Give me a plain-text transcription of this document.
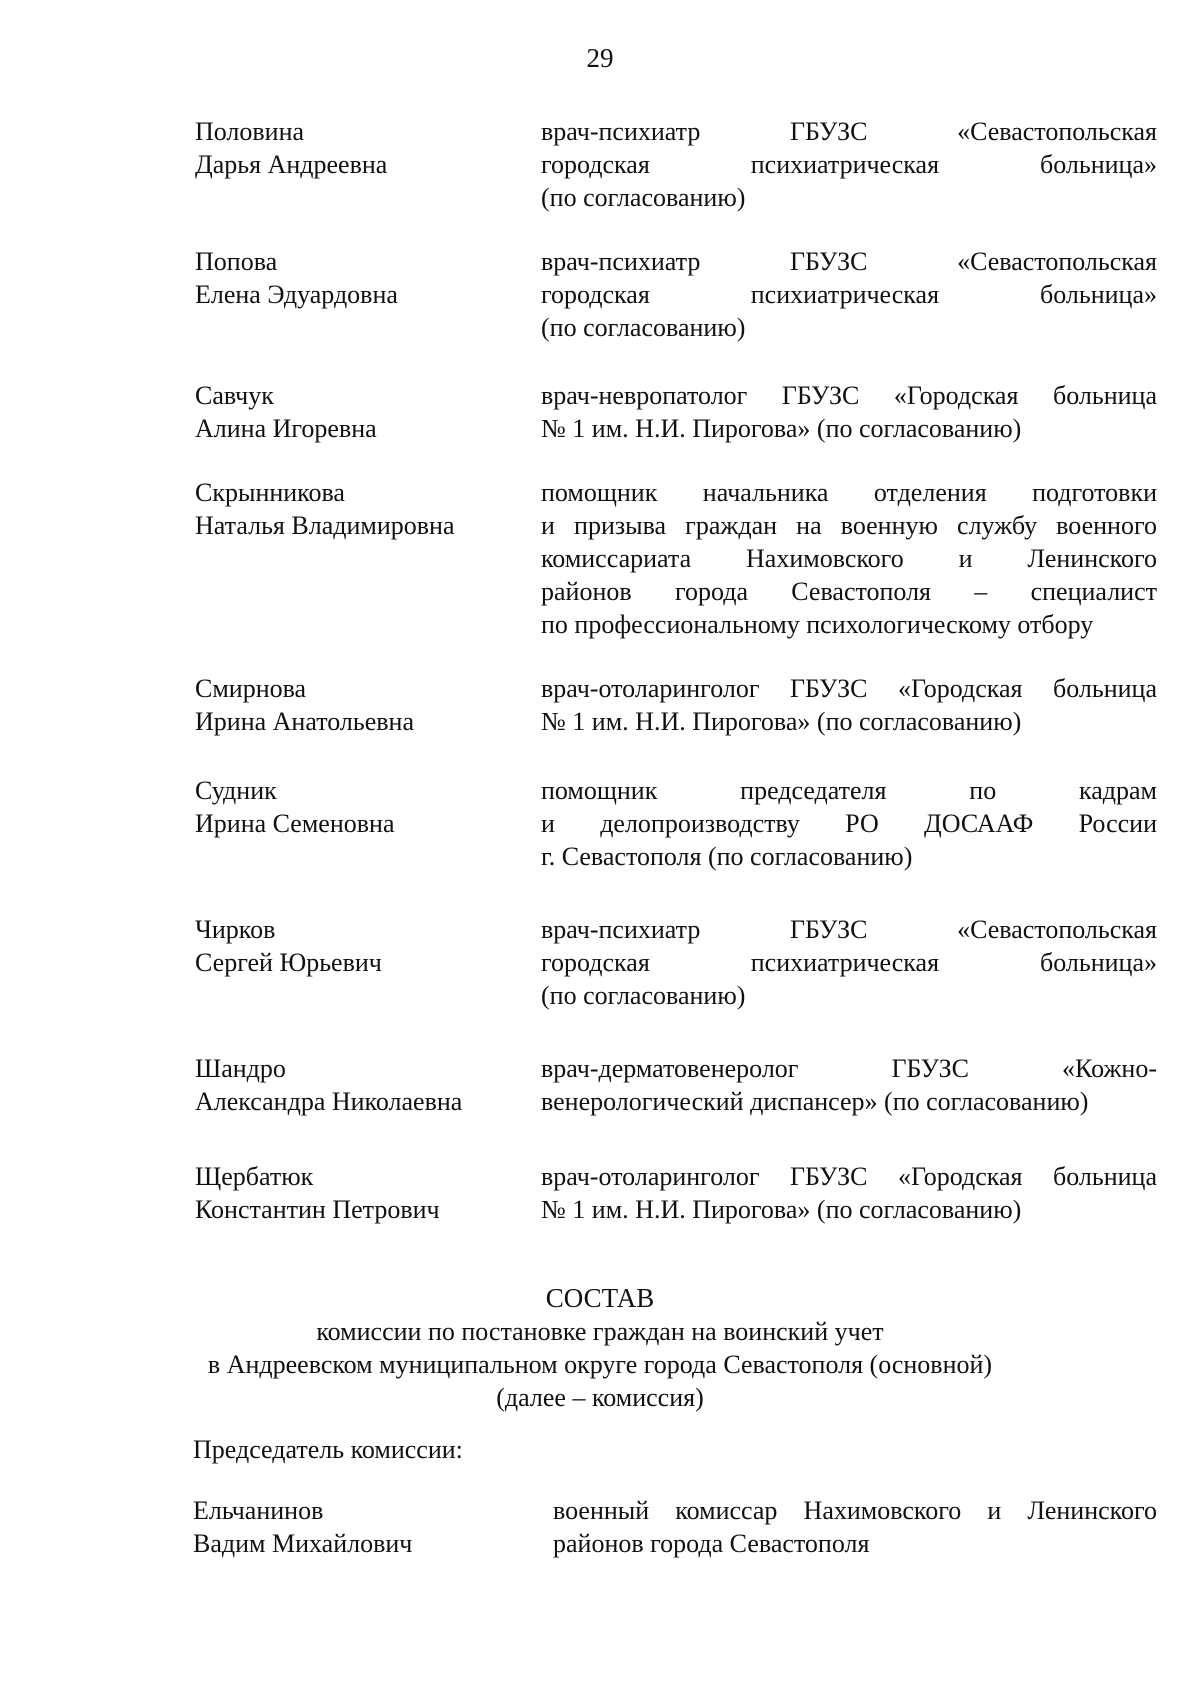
29
Половина
Дарья Андреевна
врач-психиатр ГБУЗС «Севастопольская
городская психиатрическая больница»
(по согласованию)
Попова
Елена Эдуардовна
врач-психиатр ГБУЗС «Севастопольская
городская психиатрическая больница»
(по согласованию)
Савчук
Алина Игоревна
врач-невропатолог ГБУЗС «Городская больница
№ 1 им. Н.И. Пирогова» (по согласованию)
Скрынникова
Наталья Владимировна
помощник начальника отделения подготовки
и призыва граждан на военную службу военного
комиссариата Нахимовского и Ленинского
районов города Севастополя – специалист
по профессиональному психологическому отбору
Смирнова
Ирина Анатольевна
врач-отоларинголог ГБУЗС «Городская больница
№ 1 им. Н.И. Пирогова» (по согласованию)
Судник
Ирина Семеновна
помощник председателя по кадрам
и делопроизводству РО ДОСААФ России
г. Севастополя (по согласованию)
Чирков
Сергей Юрьевич
врач-психиатр ГБУЗС «Севастопольская
городская психиатрическая больница»
(по согласованию)
Шандро
Александра Николаевна
врач-дерматовенеролог ГБУЗС «Кожно-
венерологический диспансер» (по согласованию)
Щербатюк
Константин Петрович
врач-отоларинголог ГБУЗС «Городская больница
№ 1 им. Н.И. Пирогова» (по согласованию)
СОСТАВ
комиссии по постановке граждан на воинский учет
в Андреевском муниципальном округе города Севастополя (основной)
(далее – комиссия)
Председатель комиссии:
Ельчанинов
Вадим Михайлович
военный комиссар Нахимовского и Ленинского
районов города Севастополя
